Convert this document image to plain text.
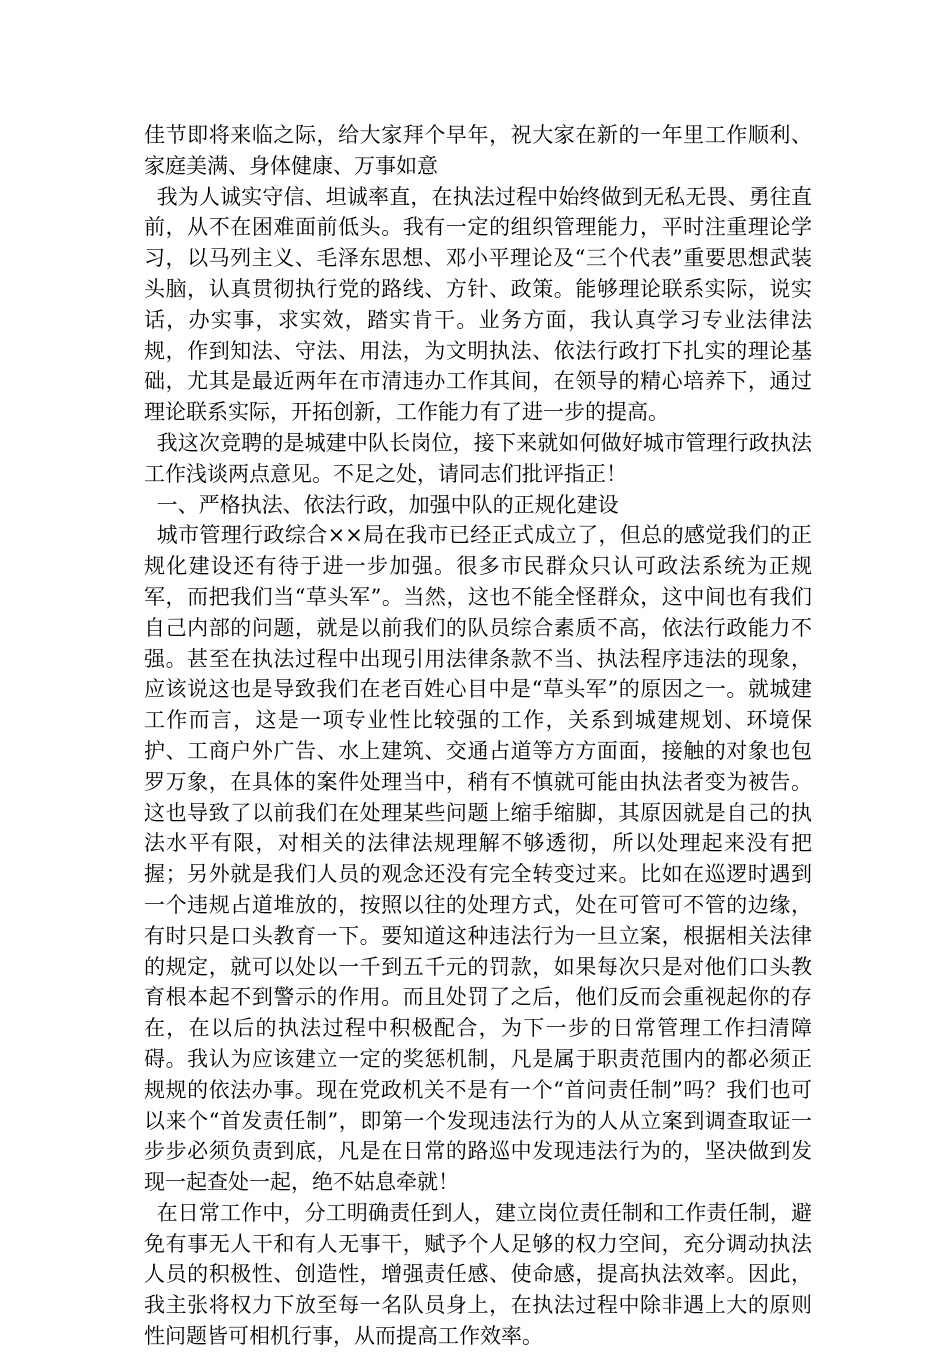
佳节即将来临之际，给大家拜个早年，祝大家在新的一年里工作顺利、家庭美满、身体健康、万事如意

我为人诚实守信、坦诚率直，在执法过程中始终做到无私无畏、勇往直前，从不在困难面前低头。我有一定的组织管理能力，平时注重理论学习，以马列主义、毛泽东思想、邓小平理论及“三个代表”重要思想武装头脑，认真贯彻执行党的路线、方针、政策。能够理论联系实际，说实话，办实事，求实效，踏实肯干。业务方面，我认真学习专业法律法规，作到知法、守法、用法，为文明执法、依法行政打下扎实的理论基础，尤其是最近两年在市清违办工作其间，在领导的精心培养下，通过理论联系实际，开拓创新，工作能力有了进一步的提高。

我这次竞聘的是城建中队长岗位，接下来就如何做好城市管理行政执法工作浅谈两点意见。不足之处，请同志们批评指正！

一、严格执法、依法行政，加强中队的正规化建设

城市管理行政综合××局在我市已经正式成立了，但总的感觉我们的正规化建设还有待于进一步加强。很多市民群众只认可政法系统为正规军，而把我们当“草头军”。当然，这也不能全怪群众，这中间也有我们自己内部的问题，就是以前我们的队员综合素质不高，依法行政能力不强。甚至在执法过程中出现引用法律条款不当、执法程序违法的现象，应该说这也是导致我们在老百姓心目中是“草头军”的原因之一。就城建工作而言，这是一项专业性比较强的工作，关系到城建规划、环境保护、工商户外广告、水上建筑、交通占道等方方面面，接触的对象也包罗万象，在具体的案件处理当中，稍有不慎就可能由执法者变为被告。这也导致了以前我们在处理某些问题上缩手缩脚，其原因就是自己的执法水平有限，对相关的法律法规理解不够透彻，所以处理起来没有把握；另外就是我们人员的观念还没有完全转变过来。比如在巡逻时遇到一个违规占道堆放的，按照以往的处理方式，处在可管可不管的边缘，有时只是口头教育一下。要知道这种违法行为一旦立案，根据相关法律的规定，就可以处以一千到五千元的罚款，如果每次只是对他们口头教育根本起不到警示的作用。而且处罚了之后，他们反而会重视起你的存在，在以后的执法过程中积极配合，为下一步的日常管理工作扫清障碍。我认为应该建立一定的奖惩机制，凡是属于职责范围内的都必须正规规的依法办事。现在党政机关不是有一个“首问责任制”吗？我们也可以来个“首发责任制”，即第一个发现违法行为的人从立案到调查取证一步步必须负责到底，凡是在日常的路巡中发现违法行为的，坚决做到发现一起查处一起，绝不姑息牵就！

在日常工作中，分工明确责任到人，建立岗位责任制和工作责任制，避免有事无人干和有人无事干，赋予个人足够的权力空间，充分调动执法人员的积极性、创造性，增强责任感、使命感，提高执法效率。因此，我主张将权力下放至每一名队员身上，在执法过程中除非遇上大的原则性问题皆可相机行事，从而提高工作效率。
